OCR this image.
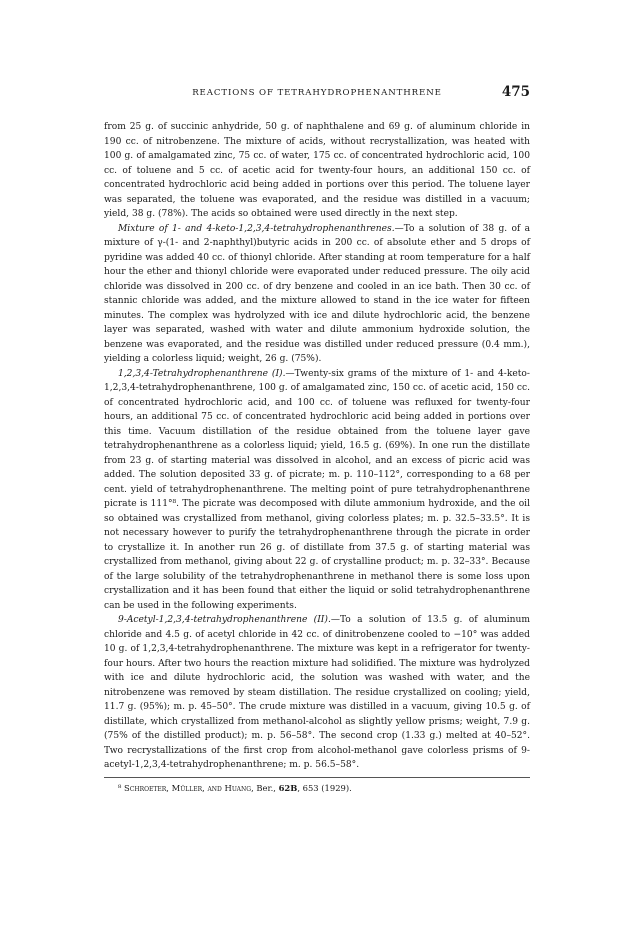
REACTIONS OF TETRAHYDROPHENANTHRENE	475

from 25 g. of succinic anhydride, 50 g. of naphthalene and 69 g. of aluminum chloride in 190 cc. of nitrobenzene. The mixture of acids, without recrystallization, was heated with 100 g. of amalgamated zinc, 75 cc. of water, 175 cc. of concentrated hydrochloric acid, 100 cc. of toluene and 5 cc. of acetic acid for twenty-four hours, an additional 150 cc. of concentrated hydrochloric acid being added in portions over this period. The toluene layer was separated, the toluene was evaporated, and the residue was distilled in a vacuum; yield, 38 g. (78%). The acids so obtained were used directly in the next step.

Mixture of 1- and 4-keto-1,2,3,4-tetrahydrophenanthrenes.—To a solution of 38 g. of a mixture of γ-(1- and 2-naphthyl)butyric acids in 200 cc. of absolute ether and 5 drops of pyridine was added 40 cc. of thionyl chloride. After standing at room temperature for a half hour the ether and thionyl chloride were evaporated under reduced pressure. The oily acid chloride was dissolved in 200 cc. of dry benzene and cooled in an ice bath. Then 30 cc. of stannic chloride was added, and the mixture allowed to stand in the ice water for fifteen minutes. The complex was hydrolyzed with ice and dilute hydrochloric acid, the benzene layer was separated, washed with water and dilute ammonium hydroxide solution, the benzene was evaporated, and the residue was distilled under reduced pressure (0.4 mm.), yielding a colorless liquid; weight, 26 g. (75%).

1,2,3,4-Tetrahydrophenanthrene (I).—Twenty-six grams of the mixture of 1- and 4-keto-1,2,3,4-tetrahydrophenanthrene, 100 g. of amalgamated zinc, 150 cc. of acetic acid, 150 cc. of concentrated hydrochloric acid, and 100 cc. of toluene was refluxed for twenty-four hours, an additional 75 cc. of concentrated hydrochloric acid being added in portions over this time. Vacuum distillation of the residue obtained from the toluene layer gave tetrahydrophenanthrene as a colorless liquid; yield, 16.5 g. (69%). In one run the distillate from 23 g. of starting material was dissolved in alcohol, and an excess of picric acid was added. The solution deposited 33 g. of picrate; m. p. 110–112°, corresponding to a 68 per cent. yield of tetrahydrophenanthrene. The melting point of pure tetrahydrophenanthrene picrate is 111°⁸. The picrate was decomposed with dilute ammonium hydroxide, and the oil so obtained was crystallized from methanol, giving colorless plates; m. p. 32.5–33.5°. It is not necessary however to purify the tetrahydrophenanthrene through the picrate in order to crystallize it. In another run 26 g. of distillate from 37.5 g. of starting material was crystallized from methanol, giving about 22 g. of crystalline product; m. p. 32–33°. Because of the large solubility of the tetrahydrophenanthrene in methanol there is some loss upon crystallization and it has been found that either the liquid or solid tetrahydrophenanthrene can be used in the following experiments.

9-Acetyl-1,2,3,4-tetrahydrophenanthrene (II).—To a solution of 13.5 g. of aluminum chloride and 4.5 g. of acetyl chloride in 42 cc. of dinitrobenzene cooled to −10° was added 10 g. of 1,2,3,4-tetrahydrophenanthrene. The mixture was kept in a refrigerator for twenty-four hours. After two hours the reaction mixture had solidified. The mixture was hydrolyzed with ice and dilute hydrochloric acid, the solution was washed with water, and the nitrobenzene was removed by steam distillation. The residue crystallized on cooling; yield, 11.7 g. (95%); m. p. 45–50°. The crude mixture was distilled in a vacuum, giving 10.5 g. of distillate, which crystallized from methanol-alcohol as slightly yellow prisms; weight, 7.9 g. (75% of the distilled product); m. p. 56–58°. The second crop (1.33 g.) melted at 40–52°. Two recrystallizations of the first crop from alcohol-methanol gave colorless prisms of 9-acetyl-1,2,3,4-tetrahydrophenanthrene; m. p. 56.5–58°.

⁸ Schroeter, Müller, and Huang, Ber., 62B, 653 (1929).
